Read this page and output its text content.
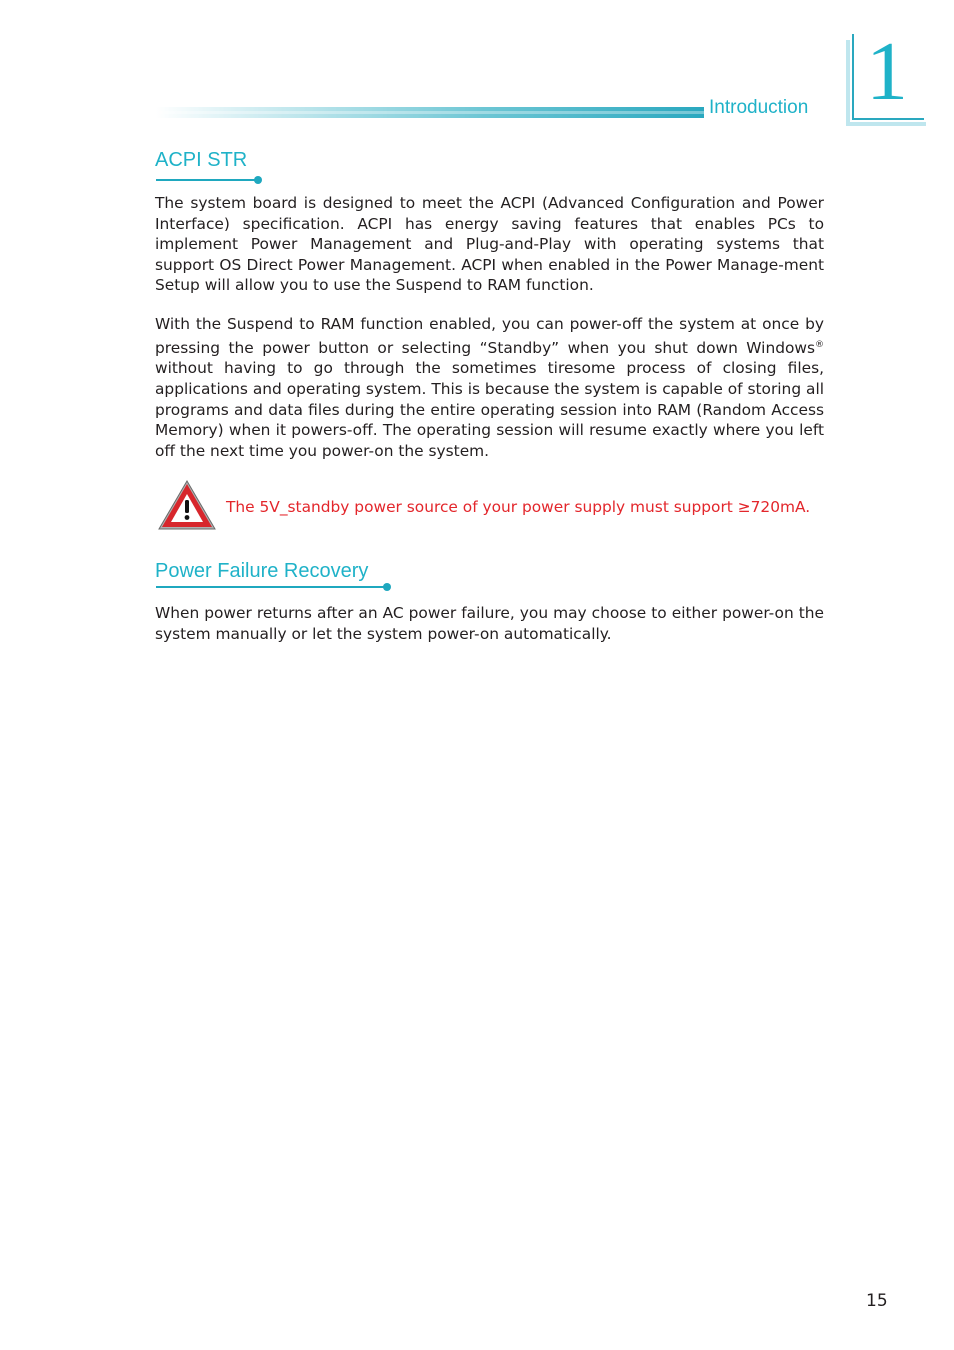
Introduction 1
ACPI STR

The system board is designed to meet the ACPI (Advanced Configuration and Power Interface) specification. ACPI has energy saving features that enables PCs to implement Power Management and Plug-and-Play with operating systems that support OS Direct Power Management. ACPI when enabled in the Power Manage-ment Setup will allow you to use the Suspend to RAM function.

With the Suspend to RAM function enabled, you can power-off the system at once by pressing the power button or selecting “Standby” when you shut down Windows® without having to go through the sometimes tiresome process of closing files, applications and operating system. This is because the system is capable of storing all programs and data files during the entire operating session into RAM (Random Access Memory) when it powers-off. The operating session will resume exactly where you left off the next time you power-on the system.

The 5V_standby power source of your power supply must support ≥720mA.

Power Failure Recovery

When power returns after an AC power failure, you may choose to either power-on the system manually or let the system power-on automatically.

15
